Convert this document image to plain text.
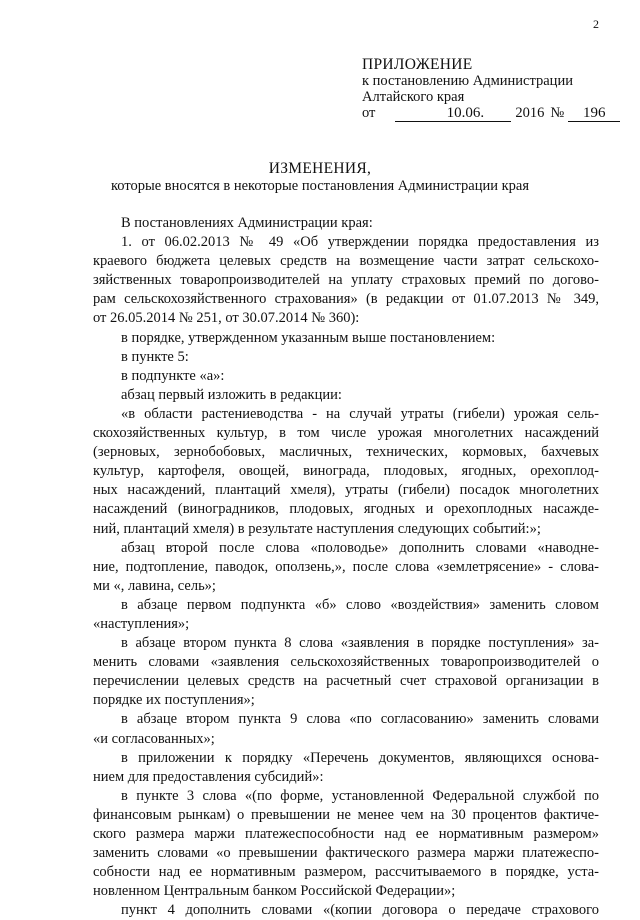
2
ПРИЛОЖЕНИЕ
к постановлению Администрации
Алтайского края
от	10.06. 2016 № 196
ИЗМЕНЕНИЯ,
которые вносятся в некоторые постановления Администрации края
В постановлениях Администрации края:
1. от 06.02.2013 № 49 «Об утверждении порядка предоставления из
краевого бюджета целевых средств на возмещение части затрат сельскохо-
зяйственных товаропроизводителей на уплату страховых премий по догово-
рам сельскохозяйственного страхования» (в редакции от 01.07.2013 № 349,
от 26.05.2014 № 251, от 30.07.2014 № 360):
в порядке, утвержденном указанным выше постановлением:
в пункте 5:
в подпункте «а»:
абзац первый изложить в редакции:
«в области растениеводства - на случай утраты (гибели) урожая сель-
скохозяйственных культур, в том числе урожая многолетних насаждений
(зерновых, зернобобовых, масличных, технических, кормовых, бахчевых
культур, картофеля, овощей, винограда, плодовых, ягодных, орехоплод-
ных насаждений, плантаций хмеля), утраты (гибели) посадок многолетних
насаждений (виноградников, плодовых, ягодных и орехоплодных насажде-
ний, плантаций хмеля) в результате наступления следующих событий:»;
абзац второй после слова «половодье» дополнить словами «наводне-
ние, подтопление, паводок, оползень,», после слова «землетрясение» - слова-
ми «, лавина, сель»;
в абзаце первом подпункта «б» слово «воздействия» заменить словом
«наступления»;
в абзаце втором пункта 8 слова «заявления в порядке поступления» за-
менить словами «заявления сельскохозяйственных товаропроизводителей о
перечислении целевых средств на расчетный счет страховой организации в
порядке их поступления»;
в абзаце втором пункта 9 слова «по согласованию» заменить словами
«и согласованных»;
в приложении к порядку «Перечень документов, являющихся основа-
нием для предоставления субсидий»:
в пункте 3 слова «(по форме, установленной Федеральной службой по
финансовым рынкам) о превышении не менее чем на 30 процентов фактиче-
ского размера маржи платежеспособности над ее нормативным размером»
заменить словами «о превышении фактического размера маржи платежеспо-
собности над ее нормативным размером, рассчитываемого в порядке, уста-
новленном Центральным банком Российской Федерации»;
пункт 4 дополнить словами «(копии договора о передаче страхового
